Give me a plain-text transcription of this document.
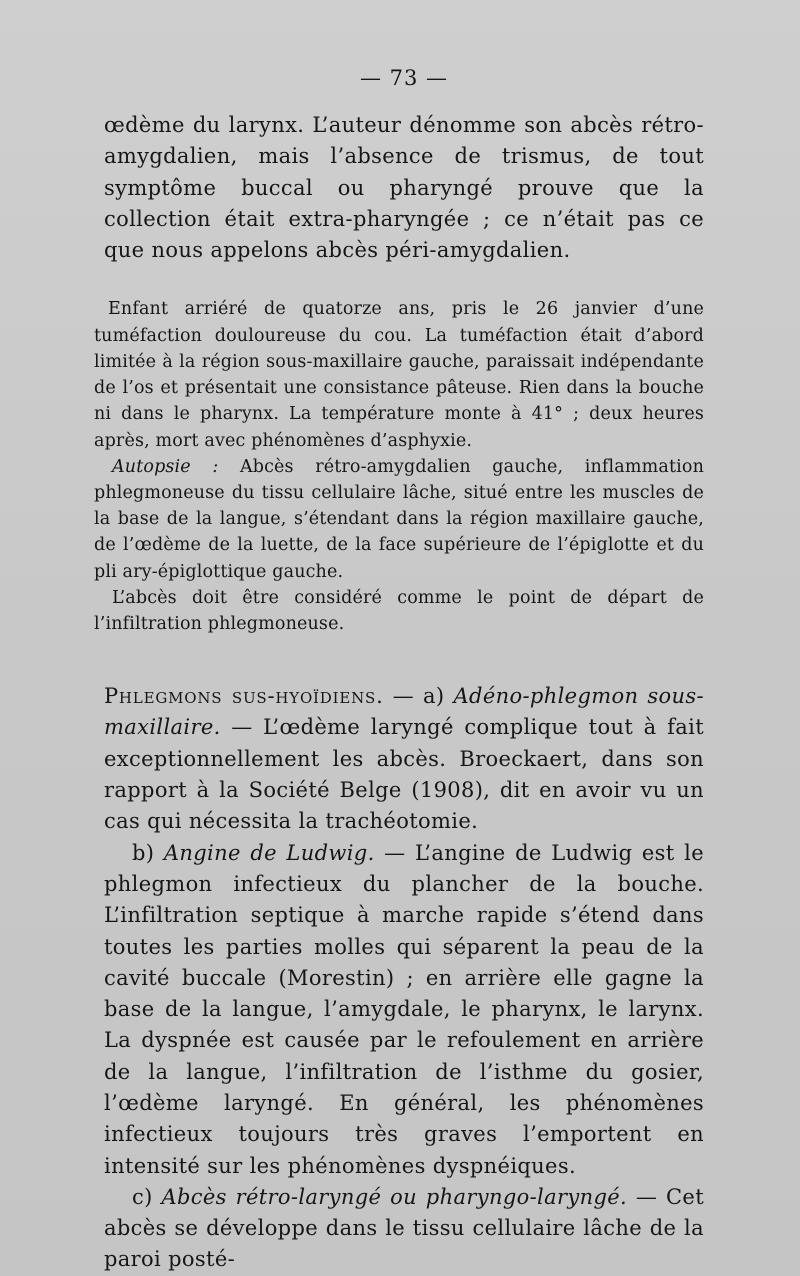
— 73 —

œdème du larynx. L’auteur dénomme son abcès rétro-amygdalien, mais l’absence de trismus, de tout symptôme buccal ou pharyngé prouve que la collection était extra-pharyngée ; ce n’était pas ce que nous appelons abcès péri-amygdalien.

Enfant arriéré de quatorze ans, pris le 26 janvier d’une tuméfaction douloureuse du cou. La tuméfaction était d’abord limitée à la région sous-maxillaire gauche, paraissait indépendante de l’os et présentait une consistance pâteuse. Rien dans la bouche ni dans le pharynx. La température monte à 41° ; deux heures après, mort avec phénomènes d’asphyxie.

Autopsie : Abcès rétro-amygdalien gauche, inflammation phlegmoneuse du tissu cellulaire lâche, situé entre les muscles de la base de la langue, s’étendant dans la région maxillaire gauche, de l’œdème de la luette, de la face supérieure de l’épiglotte et du pli ary-épiglottique gauche.

L’abcès doit être considéré comme le point de départ de l’infiltration phlegmoneuse.

Phlegmons sus-hyoïdiens. — a) Adéno-phlegmon sous-maxillaire. — L’œdème laryngé complique tout à fait exceptionnellement les abcès. Broeckaert, dans son rapport à la Société Belge (1908), dit en avoir vu un cas qui nécessita la trachéotomie.

b) Angine de Ludwig. — L’angine de Ludwig est le phlegmon infectieux du plancher de la bouche. L’infiltration septique à marche rapide s’étend dans toutes les parties molles qui séparent la peau de la cavité buccale (Morestin) ; en arrière elle gagne la base de la langue, l’amygdale, le pharynx, le larynx. La dyspnée est causée par le refoulement en arrière de la langue, l’infiltration de l’isthme du gosier, l’œdème laryngé. En général, les phénomènes infectieux toujours très graves l’emportent en intensité sur les phénomènes dyspnéiques.

c) Abcès rétro-laryngé ou pharyngo-laryngé. — Cet abcès se développe dans le tissu cellulaire lâche de la paroi posté-
